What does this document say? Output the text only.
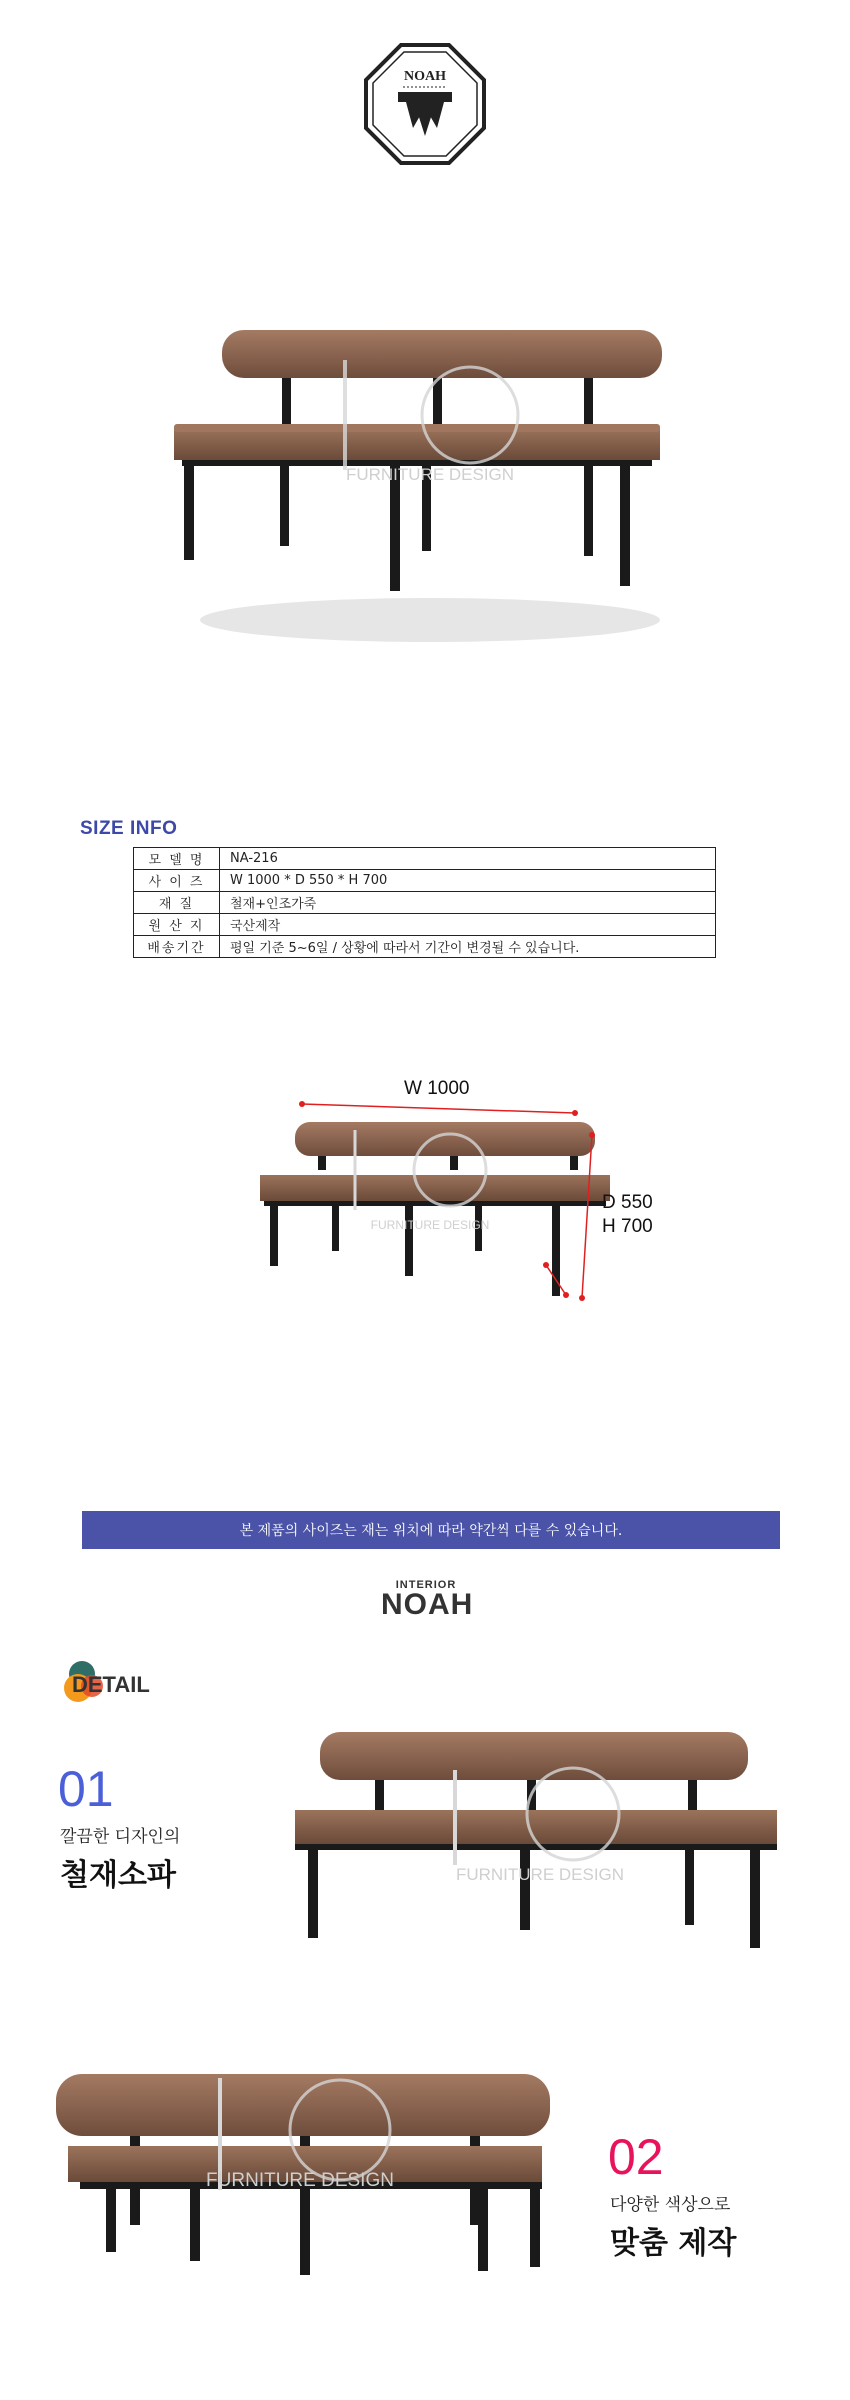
NOAH
FURNITURE DESIGN
SIZE INFO
모 델 명	NA-216
사 이 즈	W 1000 * D 550 * H 700
재 질	철재+인조가죽
원 산 지	국산제작
배송기간	평일 기준 5~6일 / 상황에 따라서 기간이 변경될 수 있습니다.
FURNITURE DESIGN
W 1000
D 550
H 700
본 제품의 사이즈는 재는 위치에 따라 약간씩 다를 수 있습니다.
INTERIOR
NOAH
DETAIL
01
깔끔한 디자인의
철재소파	FURNITURE DESIGN
FURNITURE DESIGN	02
다양한 색상으로
맞춤 제작
